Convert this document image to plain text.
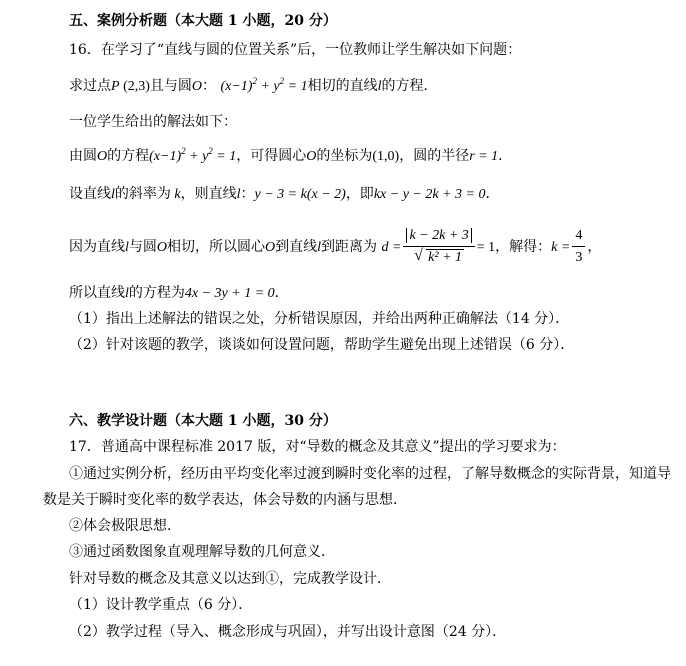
五、案例分析题（本大题 1 小题，20 分）
16．在学习了“直线与圆的位置关系”后，一位教师让学生解决如下问题：
求过点P (2,3)且与圆O： $(x-1)^2 + y^2 = 1$相切的直线l的方程．
一位学生给出的解法如下：
由圆O的方程$(x-1)^2 + y^2 = 1$，可得圆心O的坐标为(1,0)，圆的半径r = 1．
设直线l的斜率为 k，则直线l：y − 3 = k(x − 2)，即kx − y − 2k + 3 = 0．
因为直线l与圆O相切，所以圆心O到直线l到距离为 $d = \frac{k - 2k + 3}{\text{√ k² + 1}} = 1$，解得：$k = \frac{4}{3}$ ，
所以直线l的方程为4x − 3y + 1 = 0．
（1）指出上述解法的错误之处，分析错误原因，并给出两种正确解法（14 分）．
（2）针对该题的教学，谈谈如何设置问题，帮助学生避免出现上述错误（6 分）．
六、教学设计题（本大题 1 小题，30 分）
17．普通高中课程标准 2017 版，对“导数的概念及其意义”提出的学习要求为：
①通过实例分析，经历由平均变化率过渡到瞬时变化率的过程，了解导数概念的实际背景，知道导
数是关于瞬时变化率的数学表达，体会导数的内涵与思想．
②体会极限思想．
③通过函数图象直观理解导数的几何意义．
针对导数的概念及其意义以达到①，完成教学设计．
（1）设计教学重点（6 分）．
（2）教学过程（导入、概念形成与巩固），并写出设计意图（24 分）．
